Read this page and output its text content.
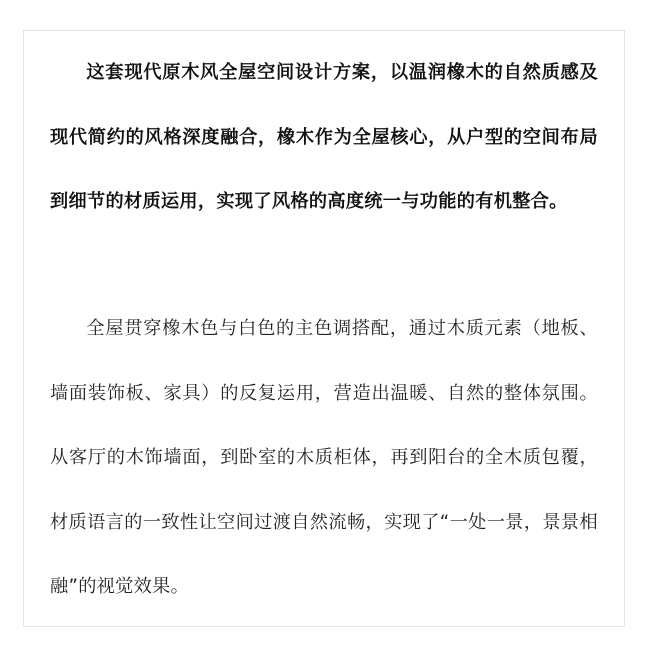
这套现代原木风全屋空间设计方案，以温润橡木的自然质感及现代简约的风格深度融合，橡木作为全屋核心，从户型的空间布局到细节的材质运用，实现了风格的高度统一与功能的有机整合。

全屋贯穿橡木色与白色的主色调搭配，通过木质元素（地板、墙面装饰板、家具）的反复运用，营造出温暖、自然的整体氛围。从客厅的木饰墙面，到卧室的木质柜体，再到阳台的全木质包覆，材质语言的一致性让空间过渡自然流畅，实现了“一处一景，景景相融”的视觉效果。
